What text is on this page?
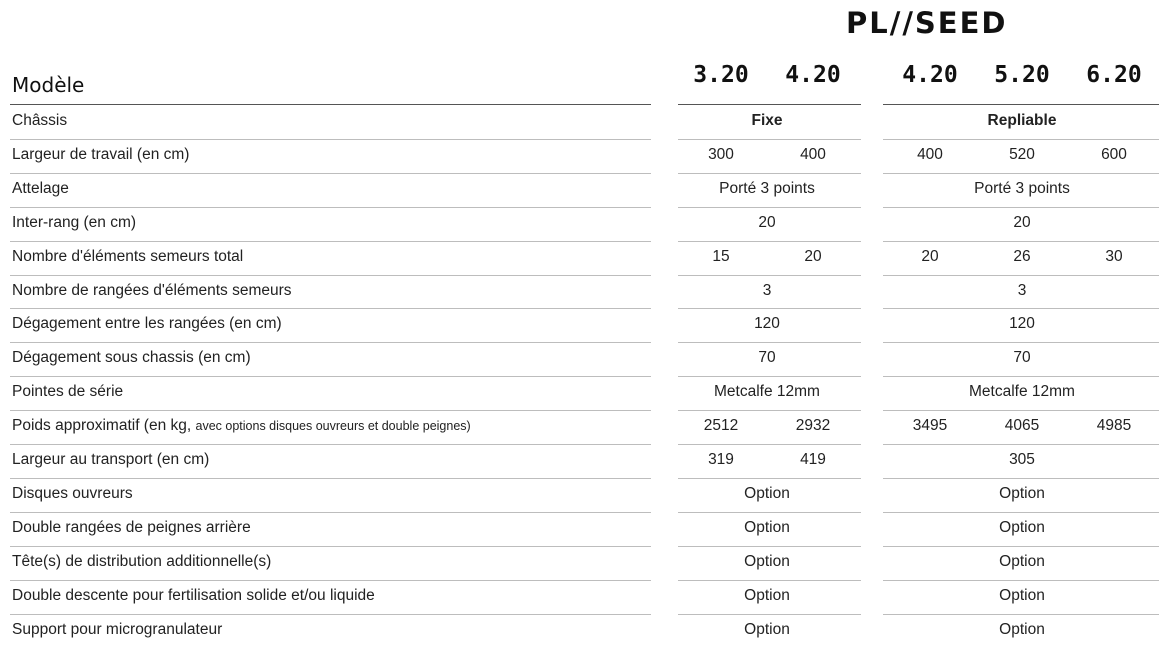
PL//SEED
Modèle	3.20 4.20	4.20 5.20 6.20
Châssis	Fixe	Repliable
Largeur de travail (en cm)	300	400	400	520	600
Attelage	Porté 3 points	Porté 3 points
Inter-rang (en cm)	20	20
Nombre d'éléments semeurs total	15	20	20	26	30
Nombre de rangées d'éléments semeurs	3	3
Dégagement entre les rangées (en cm)	120	120
Dégagement sous chassis (en cm)	70	70
Pointes de série	Metcalfe 12mm	Metcalfe 12mm
Poids approximatif (en kg, avec options disques ouvreurs et double peignes)	2512	2932	3495	4065	4985
Largeur au transport (en cm)	319	419	305
Disques ouvreurs	Option	Option
Double rangées de peignes arrière	Option	Option
Tête(s) de distribution additionnelle(s)	Option	Option
Double descente pour fertilisation solide et/ou liquide	Option	Option
Support pour microgranulateur	Option	Option
